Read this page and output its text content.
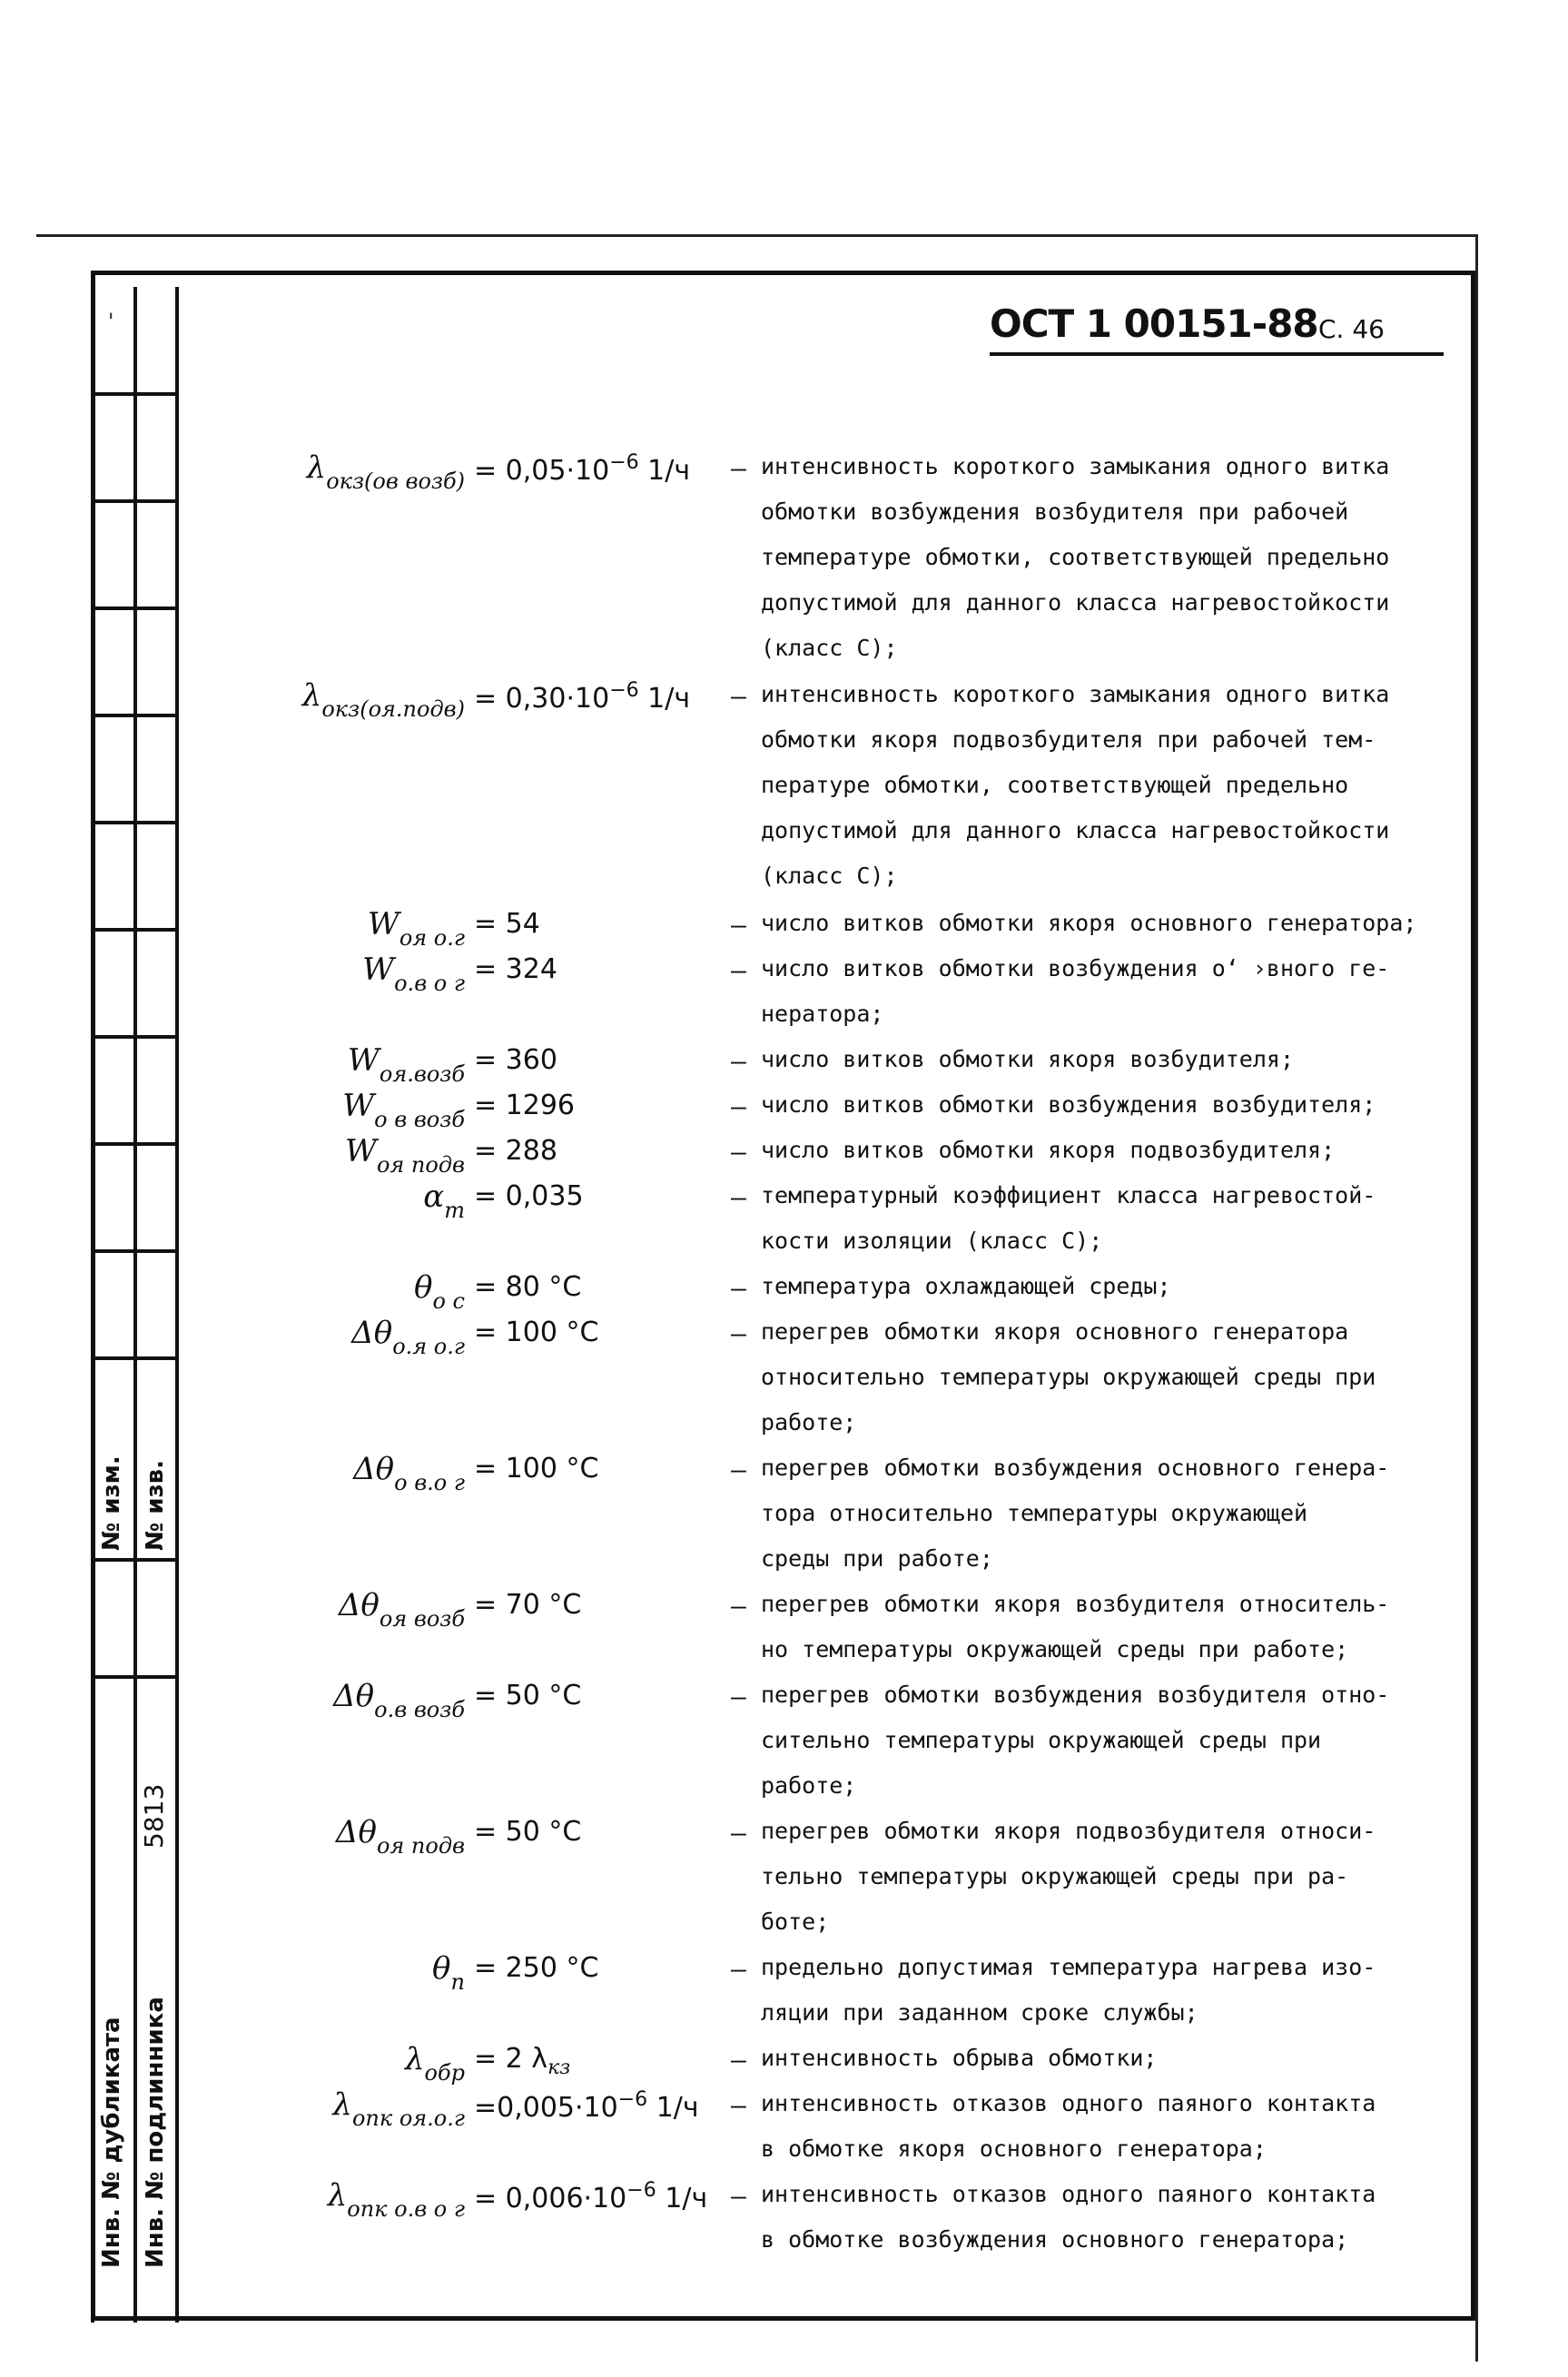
№ изм. № изв.
Инв. № дубликата Инв. № подлинника
5813
ОСТ 1 00151-88 С. 46
$\lambda_{окз(ов возб)} = 0,05\cdot 10^{-6}$ 1/ч – интенсивность короткого замыкания одного витка
обмотки возбуждения возбудителя при рабочей
температуре обмотки, соответствующей предельно
допустимой для данного класса нагревостойкости
(класс С);
$\lambda_{окз(оя.подв)} = 0,30\cdot 10^{-6}$ 1/ч – интенсивность короткого замыкания одного витка
обмотки якоря подвозбудителя при рабочей тем-
пературе обмотки, соответствующей предельно
допустимой для данного класса нагревостойкости
(класс С);
$W_{оя о.г} = 54$	– число витков обмотки якоря основного генератора;
$W_{о.в о г} = 324$	– число витков обмотки возбуждения о‘ ›вного ге-
нератора;
$W_{оя.возб} = 360$	– число витков обмотки якоря возбудителя;
$W_{о в возб} = 1296$	– число витков обмотки возбуждения возбудителя;
$W_{оя подв} = 288$	– число витков обмотки якоря подвозбудителя;
$\alpha_т = 0,035$	– температурный коэффициент класса нагревостой-
кости изоляции (класс С);
$\theta_{о с} = 80$ °С	– температура охлаждающей среды;
$\Delta\theta_{о.я о.г} = 100$ °С	– перегрев обмотки якоря основного генератора
относительно температуры окружающей среды при
работе;
$\Delta\theta_{о в.о г} = 100$ °С	– перегрев обмотки возбуждения основного генера-
тора относительно температуры окружающей
среды при работе;
$\Delta\theta_{оя возб} = 70$ °С	– перегрев обмотки якоря возбудителя относитель-
но температуры окружающей среды при работе;
$\Delta\theta_{о.в возб} = 50$ °С	– перегрев обмотки возбуждения возбудителя отно-
сительно температуры окружающей среды при
работе;
$\Delta\theta_{оя подв} = 50$ °С	– перегрев обмотки якоря подвозбудителя относи-
тельно температуры окружающей среды при ра-
боте;
$\theta_п = 250$ °С	– предельно допустимая температура нагрева изо-
ляции при заданном сроке службы;
$\lambda_{обр} = 2$ $\lambda_{кз}$	– интенсивность обрыва обмотки;
$\lambda_{опк оя.о.г} =0,005\cdot 10^{-6}$ 1/ч – интенсивность отказов одного паяного контакта
в обмотке якоря основного генератора;
$\lambda_{опк о.в о г} = 0,006\cdot 10^{-6}$ 1/ч – интенсивность отказов одного паяного контакта
в обмотке возбуждения основного генератора;
'
